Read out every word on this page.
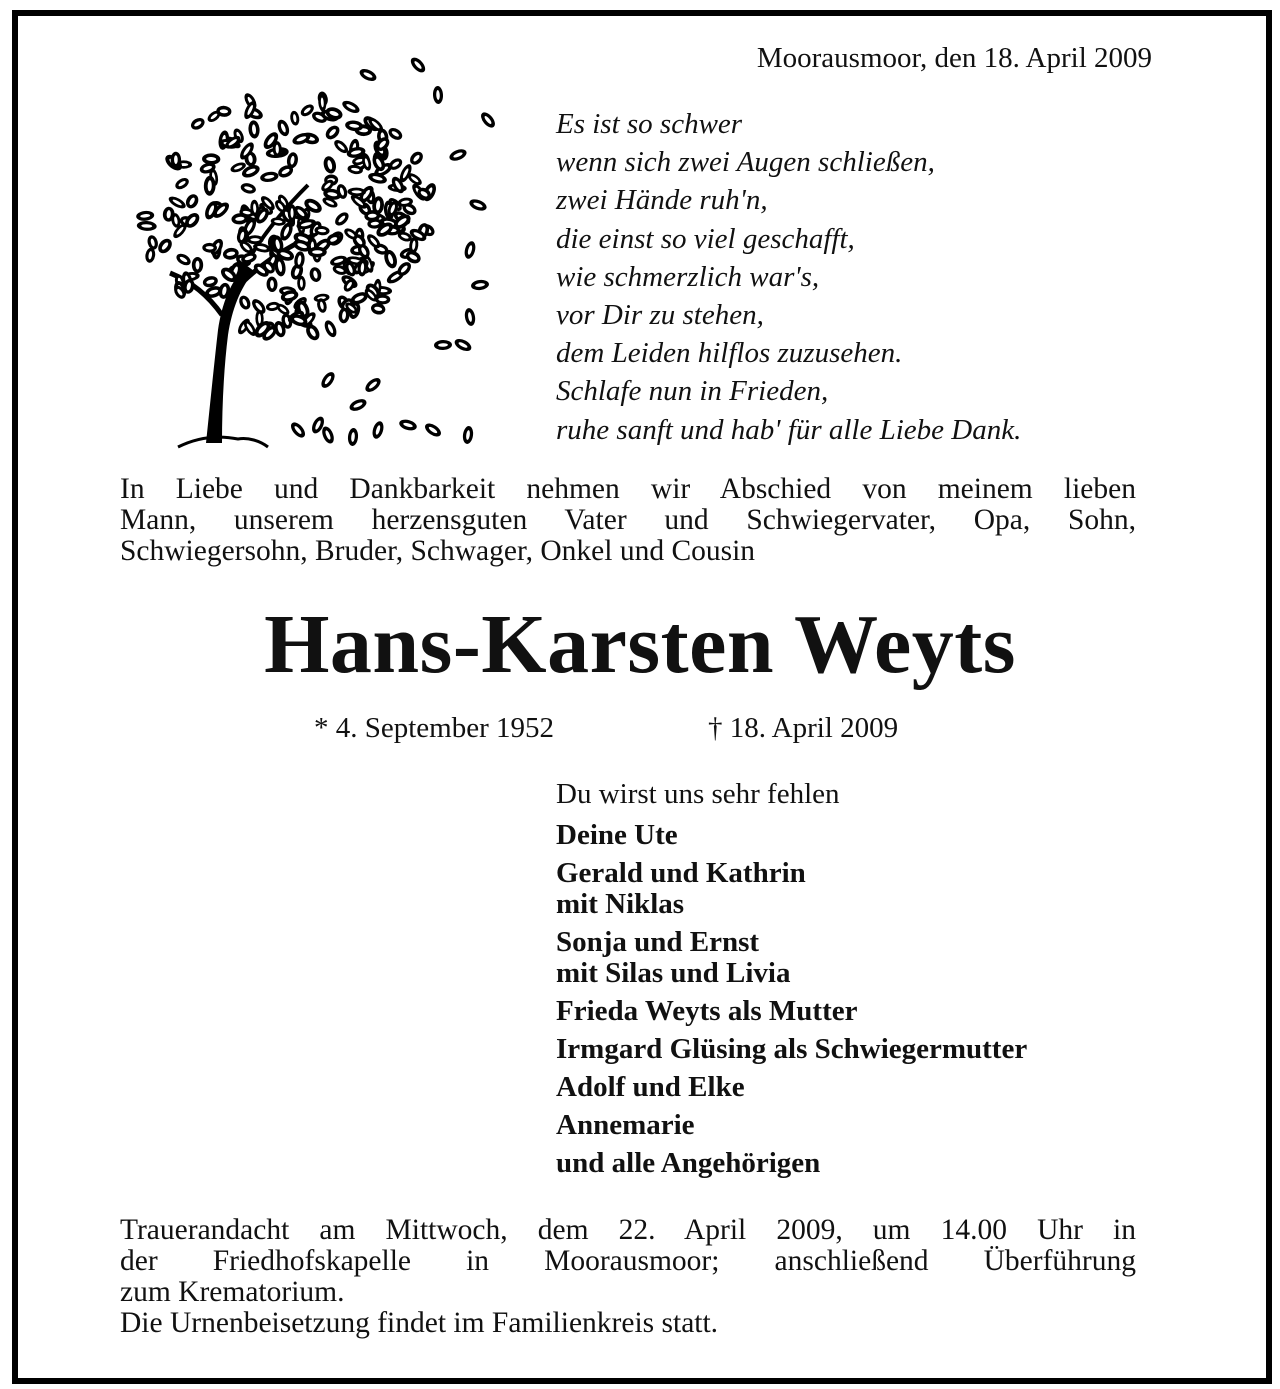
Moorausmoor, den 18. April 2009
Es ist so schwer
wenn sich zwei Augen schließen,
zwei Hände ruh'n,
die einst so viel geschafft,
wie schmerzlich war's,
vor Dir zu stehen,
dem Leiden hilflos zuzusehen.
Schlafe nun in Frieden,
ruhe sanft und hab' für alle Liebe Dank.
In Liebe und Dankbarkeit nehmen wir Abschied von meinem lieben
Mann, unserem herzensguten Vater und Schwiegervater, Opa, Sohn,
Schwiegersohn, Bruder, Schwager, Onkel und Cousin
Hans-Karsten Weyts
* 4. September 1952	† 18. April 2009
Du wirst uns sehr fehlen
Deine Ute
Gerald und Kathrin
mit Niklas
Sonja und Ernst
mit Silas und Livia
Frieda Weyts als Mutter
Irmgard Glüsing als Schwiegermutter
Adolf und Elke
Annemarie
und alle Angehörigen
Trauerandacht am Mittwoch, dem 22. April 2009, um 14.00 Uhr in
der Friedhofskapelle in Moorausmoor; anschließend Überführung
zum Krematorium.
Die Urnenbeisetzung findet im Familienkreis statt.
